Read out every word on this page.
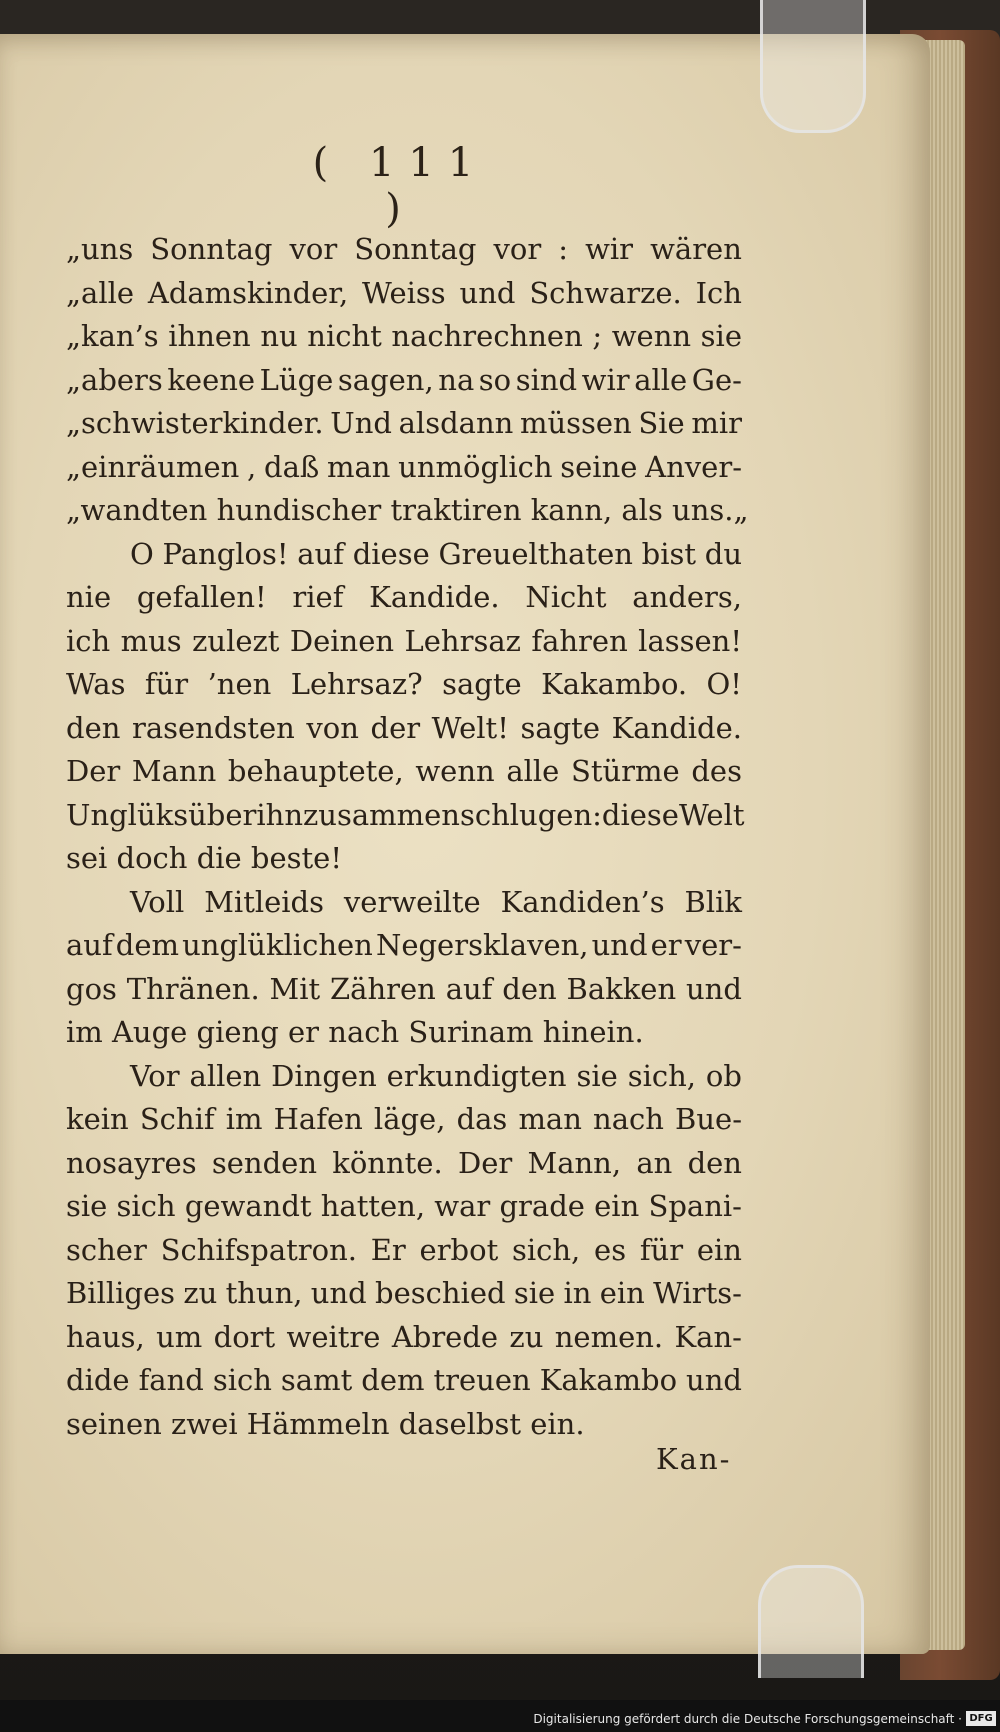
( 111 )
„uns Sonntag vor Sonntag vor : wir wären
„alle Adamskinder, Weiss und Schwarze. Ich
„kan’s ihnen nu nicht nachrechnen ; wenn sie
„abers keene Lüge sagen, na so sind wir alle Ge-
„schwisterkinder. Und alsdann müssen Sie mir
„einräumen , daß man unmöglich seine Anver-
„wandten hundischer traktiren kann, als uns.„
O Panglos! auf diese Greuelthaten bist du
nie gefallen! rief Kandide. Nicht anders,
ich mus zulezt Deinen Lehrsaz fahren lassen!
Was für ’nen Lehrsaz? sagte Kakambo. O!
den rasendsten von der Welt! sagte Kandide.
Der Mann behauptete, wenn alle Stürme des
Unglüks über ihn zusammenschlugen: diese Welt
sei doch die beste!
Voll Mitleids verweilte Kandiden’s Blik
auf dem unglüklichen Negersklaven, und er ver-
gos Thränen. Mit Zähren auf den Bakken und
im Auge gieng er nach Surinam hinein.
Vor allen Dingen erkundigten sie sich, ob
kein Schif im Hafen läge, das man nach Bue-
nosayres senden könnte. Der Mann, an den
sie sich gewandt hatten, war grade ein Spani-
scher Schifspatron. Er erbot sich, es für ein
Billiges zu thun, und beschied sie in ein Wirts-
haus, um dort weitre Abrede zu nemen. Kan-
dide fand sich samt dem treuen Kakambo und
seinen zwei Hämmeln daselbst ein.
Kan-
Digitalisierung gefördert durch die Deutsche Forschungsgemeinschaft · DFG
